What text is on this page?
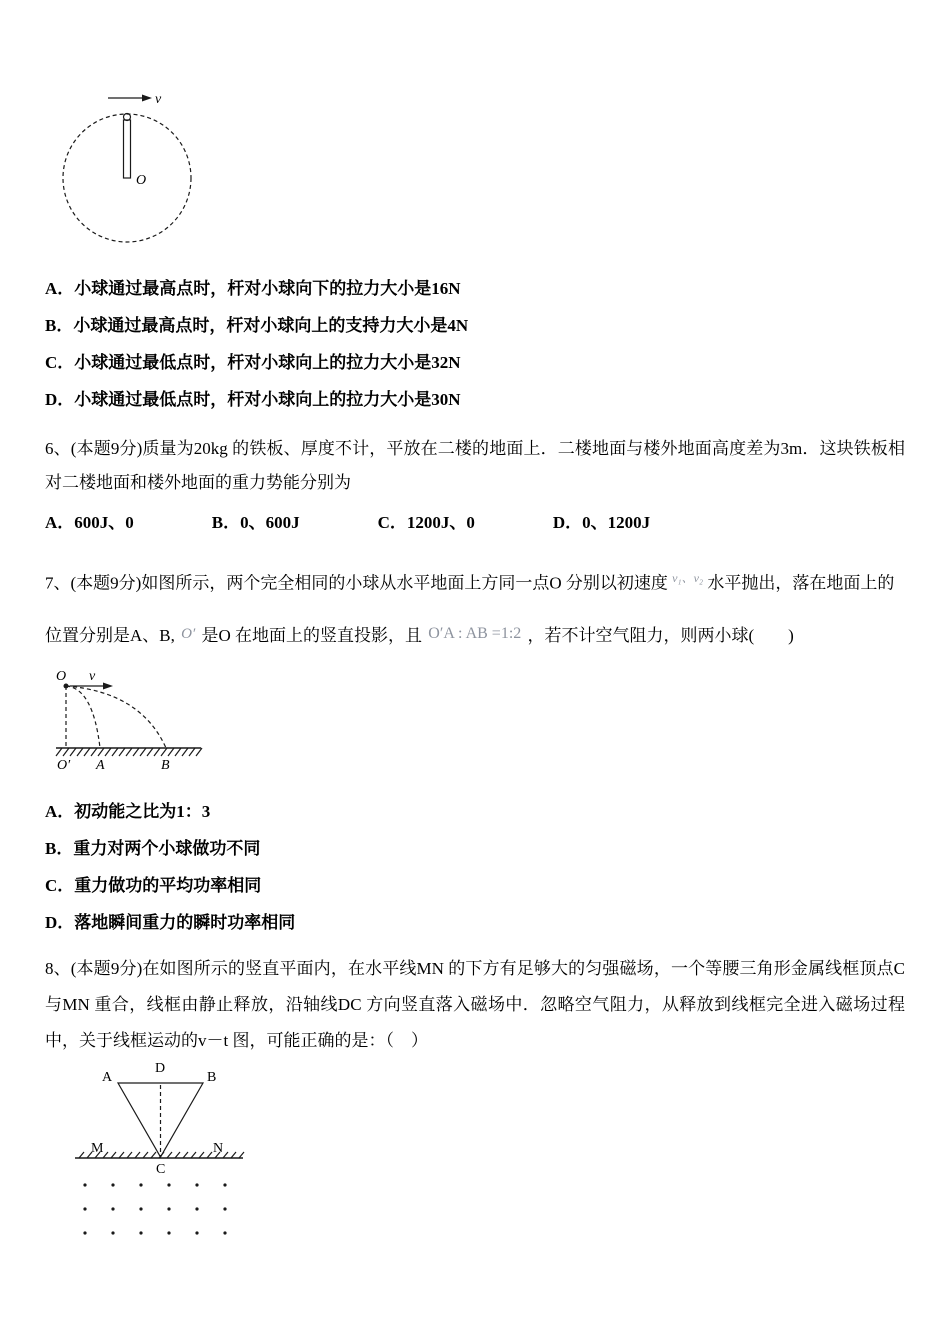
v
O
A．小球通过最高点时，杆对小球向下的拉力大小是16N
B．小球通过最高点时，杆对小球向上的支持力大小是4N
C．小球通过最低点时，杆对小球向上的拉力大小是32N
D．小球通过最低点时，杆对小球向上的拉力大小是30N
6、(本题9分)质量为20kg 的铁板、厚度不计，平放在二楼的地面上．二楼地面与楼外地面高度差为3m．这块铁板相对二楼地面和楼外地面的重力势能分别为
A．600J、0	B．0、600J	C．1200J、0	D．0、1200J
7、(本题9分)如图所示，两个完全相同的小球从水平地面上方同一点O 分别以初速度 $^{v_1、v_2}$ 水平抛出，落在地面上的
位置分别是A、B, O′ 是O 在地面上的竖直投影，且 O′A : AB =1:2 ，若不计空气阻力，则两小球(　　)
O v
O′ A	B
A．初动能之比为1：3
B．重力对两个小球做功不同
C．重力做功的平均功率相同
D．落地瞬间重力的瞬时功率相同
8、(本题9分)在如图所示的竖直平面内，在水平线MN 的下方有足够大的匀强磁场，一个等腰三角形金属线框顶点C 与MN 重合，线框由静止释放，沿轴线DC 方向竖直落入磁场中．忽略空气阻力，从释放到线框完全进入磁场过程中，关于线框运动的v－t 图，可能正确的是：（　）
D
A	B
M	N
C
